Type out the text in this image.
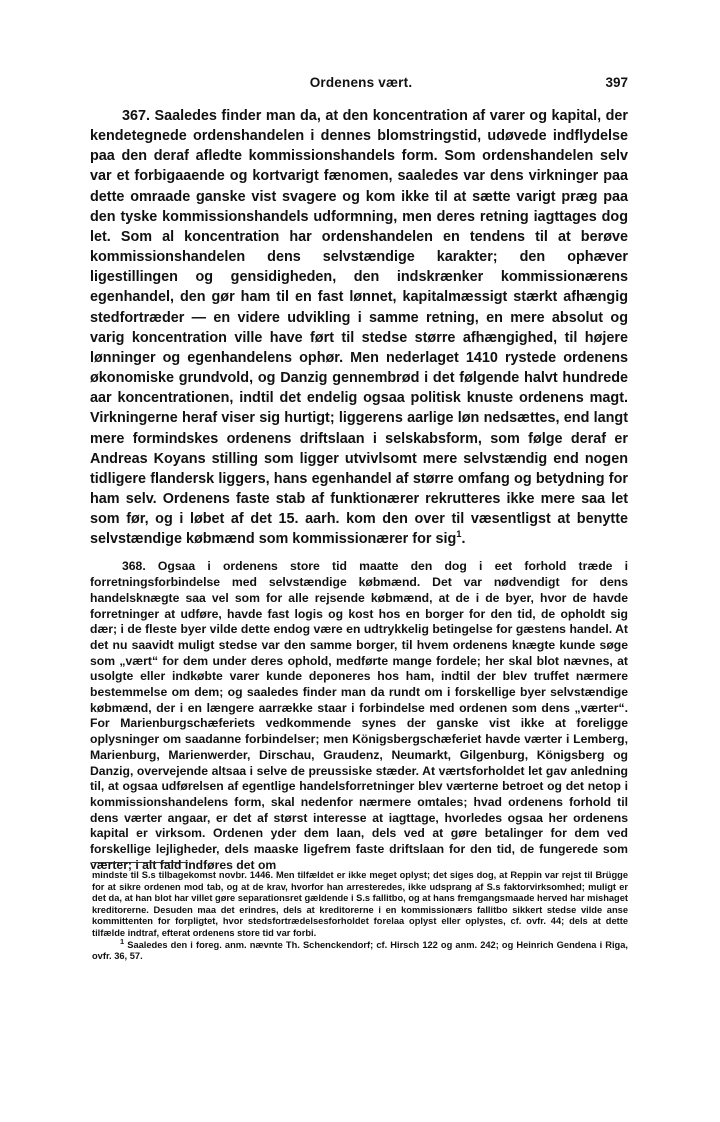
Ordenens vært.	397

367. Saaledes finder man da, at den koncentration af varer og kapital, der kendetegnede ordenshandelen i dennes blomstringstid, udøvede indflydelse paa den deraf afledte kommissionshandels form. Som ordenshandelen selv var et forbigaaende og kortvarigt fænomen, saaledes var dens virkninger paa dette omraade ganske vist svagere og kom ikke til at sætte varigt præg paa den tyske kommissionshandels udformning, men deres retning iagttages dog let. Som al koncentration har ordenshandelen en tendens til at berøve kommissionshandelen dens selvstændige karakter; den ophæver ligestillingen og gensidigheden, den indskrænker kommissionærens egenhandel, den gør ham til en fast lønnet, kapitalmæssigt stærkt afhængig stedfortræder — en videre udvikling i samme retning, en mere absolut og varig koncentration ville have ført til stedse større afhængighed, til højere lønninger og egenhandelens ophør. Men nederlaget 1410 rystede ordenens økonomiske grundvold, og Danzig gennembrød i det følgende halvt hundrede aar koncentrationen, indtil det endelig ogsaa politisk knuste ordenens magt. Virkningerne heraf viser sig hurtigt; liggerens aarlige løn nedsættes, end langt mere formindskes ordenens driftslaan i selskabsform, som følge deraf er Andreas Koyans stilling som ligger utvivlsomt mere selvstændig end nogen tidligere flandersk liggers, hans egenhandel af større omfang og betydning for ham selv. Ordenens faste stab af funktionærer rekrutteres ikke mere saa let som før, og i løbet af det 15. aarh. kom den over til væsentligst at benytte selvstændige købmænd som kommissionærer for sig$^1$.

368. Ogsaa i ordenens store tid maatte den dog i eet forhold træde i forretningsforbindelse med selvstændige købmænd. Det var nødvendigt for dens handelsknægte saa vel som for alle rejsende købmænd, at de i de byer, hvor de havde forretninger at udføre, havde fast logis og kost hos en borger for den tid, de opholdt sig dær; i de fleste byer vilde dette endog være en udtrykkelig betingelse for gæstens handel. At det nu saavidt muligt stedse var den samme borger, til hvem ordenens knægte kunde søge som „vært“ for dem under deres ophold, medførte mange fordele; her skal blot nævnes, at usolgte eller indkøbte varer kunde deponeres hos ham, indtil der blev truffet nærmere bestemmelse om dem; og saaledes finder man da rundt om i forskellige byer selvstændige købmænd, der i en længere aarrække staar i forbindelse med ordenen som dens „værter“. For Marienburgschæferiets vedkommende synes der ganske vist ikke at foreligge oplysninger om saadanne forbindelser; men Königsbergschæferiet havde værter i Lemberg, Marienburg, Marienwerder, Dirschau, Graudenz, Neumarkt, Gilgenburg, Königsberg og Danzig, overvejende altsaa i selve de preussiske stæder. At værtsforholdet let gav anledning til, at ogsaa udførelsen af egentlige handelsforretninger blev værterne betroet og det netop i kommissionshandelens form, skal nedenfor nærmere omtales; hvad ordenens forhold til dens værter angaar, er det af størst interesse at iagttage, hvorledes ogsaa her ordenens kapital er virksom. Ordenen yder dem laan, dels ved at gøre betalinger for dem ved forskellige lejligheder, dels maaske ligefrem faste driftslaan for den tid, de fungerede som værter; i alt fald indføres det om

mindste til S.s tilbagekomst novbr. 1446. Men tilfældet er ikke meget oplyst; det siges dog, at Reppin var rejst til Brügge for at sikre ordenen mod tab, og at de krav, hvorfor han arresteredes, ikke udsprang af S.s faktorvirksomhed; muligt er det da, at han blot har villet gøre separationsret gældende i S.s fallitbo, og at hans fremgangsmaade herved har mishaget kreditorerne. Desuden maa det erindres, dels at kreditorerne i en kommissionærs fallitbo sikkert stedse vilde anse kommittenten for forpligtet, hvor stedsfortrædelsesforholdet forelaa oplyst eller oplystes, cf. ovfr. 44; dels at dette tilfælde indtraf, efterat ordenens store tid var forbi.

$^1$ Saaledes den i foreg. anm. nævnte Th. Schenckendorf; cf. Hirsch 122 og anm. 242; og Heinrich Gendena i Riga, ovfr. 36, 57.
